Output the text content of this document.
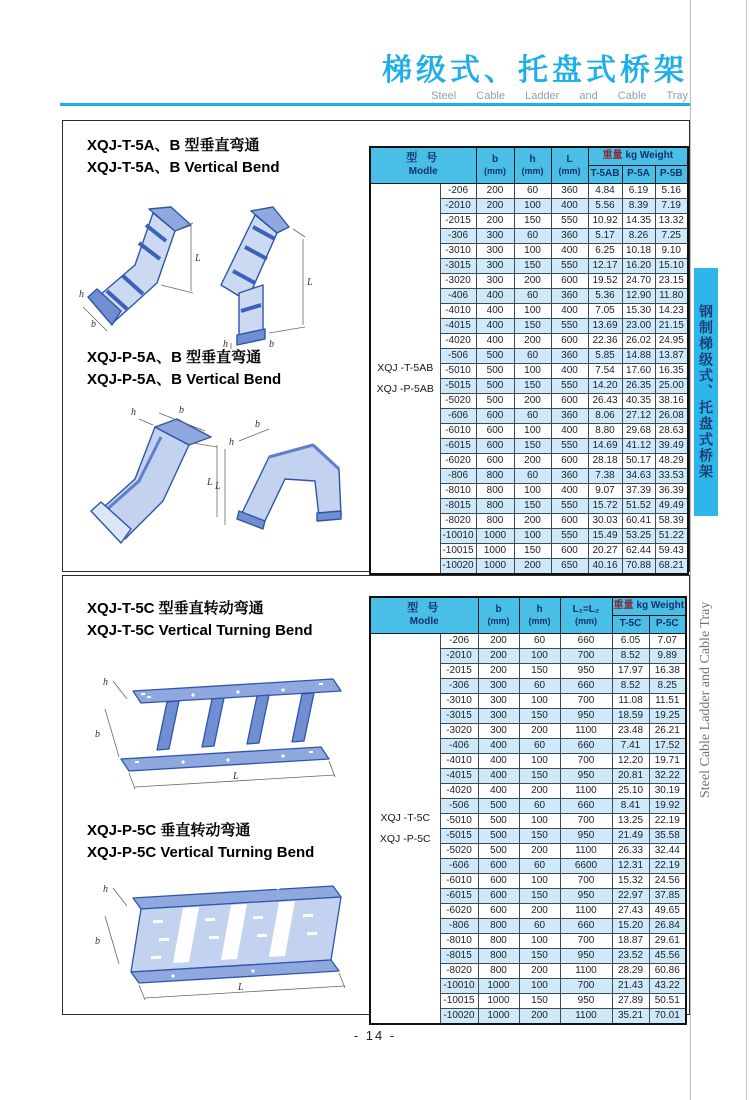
梯级式、托盘式桥架
Steel Cable Ladder and Cable Tray
XQJ-T-5A、B 型垂直弯通
XQJ-T-5A、B Vertical Bend
L
b
h
L
b
h
XQJ-P-5A、B 型垂直弯通
XQJ-P-5A、B Vertical Bend
b
h
L
b
h
L
型 号
Modle

b
(mm)

h
(mm)

L
(mm)
	重量 kg Weight
					T-5AB	P-5A	P-5B

XQJ -T-5AB
XQJ -P-5AB	-206	200	60	360	4.84	6.19	5.16
	-2010	200	100	400	5.56	8.39	7.19
	-2015	200	150	550	10.92	14.35	13.32
	-306	300	60	360	5.17	8.26	7.25
	-3010	300	100	400	6.25	10.18	9.10
	-3015	300	150	550	12.17	16.20	15.10
	-3020	300	200	600	19.52	24.70	23.15
	-406	400	60	360	5.36	12.90	11.80
	-4010	400	100	400	7.05	15.30	14.23
	-4015	400	150	550	13.69	23.00	21.15
	-4020	400	200	600	22.36	26.02	24.95
	-506	500	60	360	5.85	14.88	13.87
	-5010	500	100	400	7.54	17.60	16.35
	-5015	500	150	550	14.20	26.35	25.00
	-5020	500	200	600	26.43	40.35	38.16
	-606	600	60	360	8.06	27.12	26.08
	-6010	600	100	400	8.80	29.68	28.63
	-6015	600	150	550	14.69	41.12	39.49
	-6020	600	200	600	28.18	50.17	48.29
	-806	800	60	360	7.38	34.63	33.53
	-8010	800	100	400	9.07	37.39	36.39
	-8015	800	150	550	15.72	51.52	49.49
	-8020	800	200	600	30.03	60.41	58.39
	-10010	1000	100	550	15.49	53.25	51.22
	-10015	1000	150	600	20.27	62.44	59.43
	-10020	1000	200	650	40.16	70.88	68.21
XQJ-T-5C 型垂直转动弯通
XQJ-T-5C Vertical Turning Bend
h
b
L
XQJ-P-5C 垂直转动弯通
XQJ-P-5C Vertical Turning Bend
h
b
L
型 号
Modle

b
(mm)

h
(mm)

L₁=L₂
(mm)
	重量 kg Weight
					T-5C	P-5C

XQJ -T-5C
XQJ -P-5C	-206	200	60	660	6.05	7.07
	-2010	200	100	700	8.52	9.89
	-2015	200	150	950	17.97	16.38
	-306	300	60	660	8.52	8.25
	-3010	300	100	700	11.08	11.51
	-3015	300	150	950	18.59	19.25
	-3020	300	200	1100	23.48	26.21
	-406	400	60	660	7.41	17.52
	-4010	400	100	700	12.20	19.71
	-4015	400	150	950	20.81	32.22
	-4020	400	200	1100	25.10	30.19
	-506	500	60	660	8.41	19.92
	-5010	500	100	700	13.25	22.19
	-5015	500	150	950	21.49	35.58
	-5020	500	200	1100	26.33	32.44
	-606	600	60	6600	12.31	22.19
	-6010	600	100	700	15.32	24.56
	-6015	600	150	950	22.97	37.85
	-6020	600	200	1100	27.43	49.65
	-806	800	60	660	15.20	26.84
	-8010	800	100	700	18.87	29.61
	-8015	800	150	950	23.52	45.56
	-8020	800	200	1100	28.29	60.86
	-10010	1000	100	700	21.43	43.22
	-10015	1000	150	950	27.89	50.51
	-10020	1000	200	1100	35.21	70.01
钢制梯级式、托盘式桥架
Steel Cable Ladder and Cable Tray
- 14 -
